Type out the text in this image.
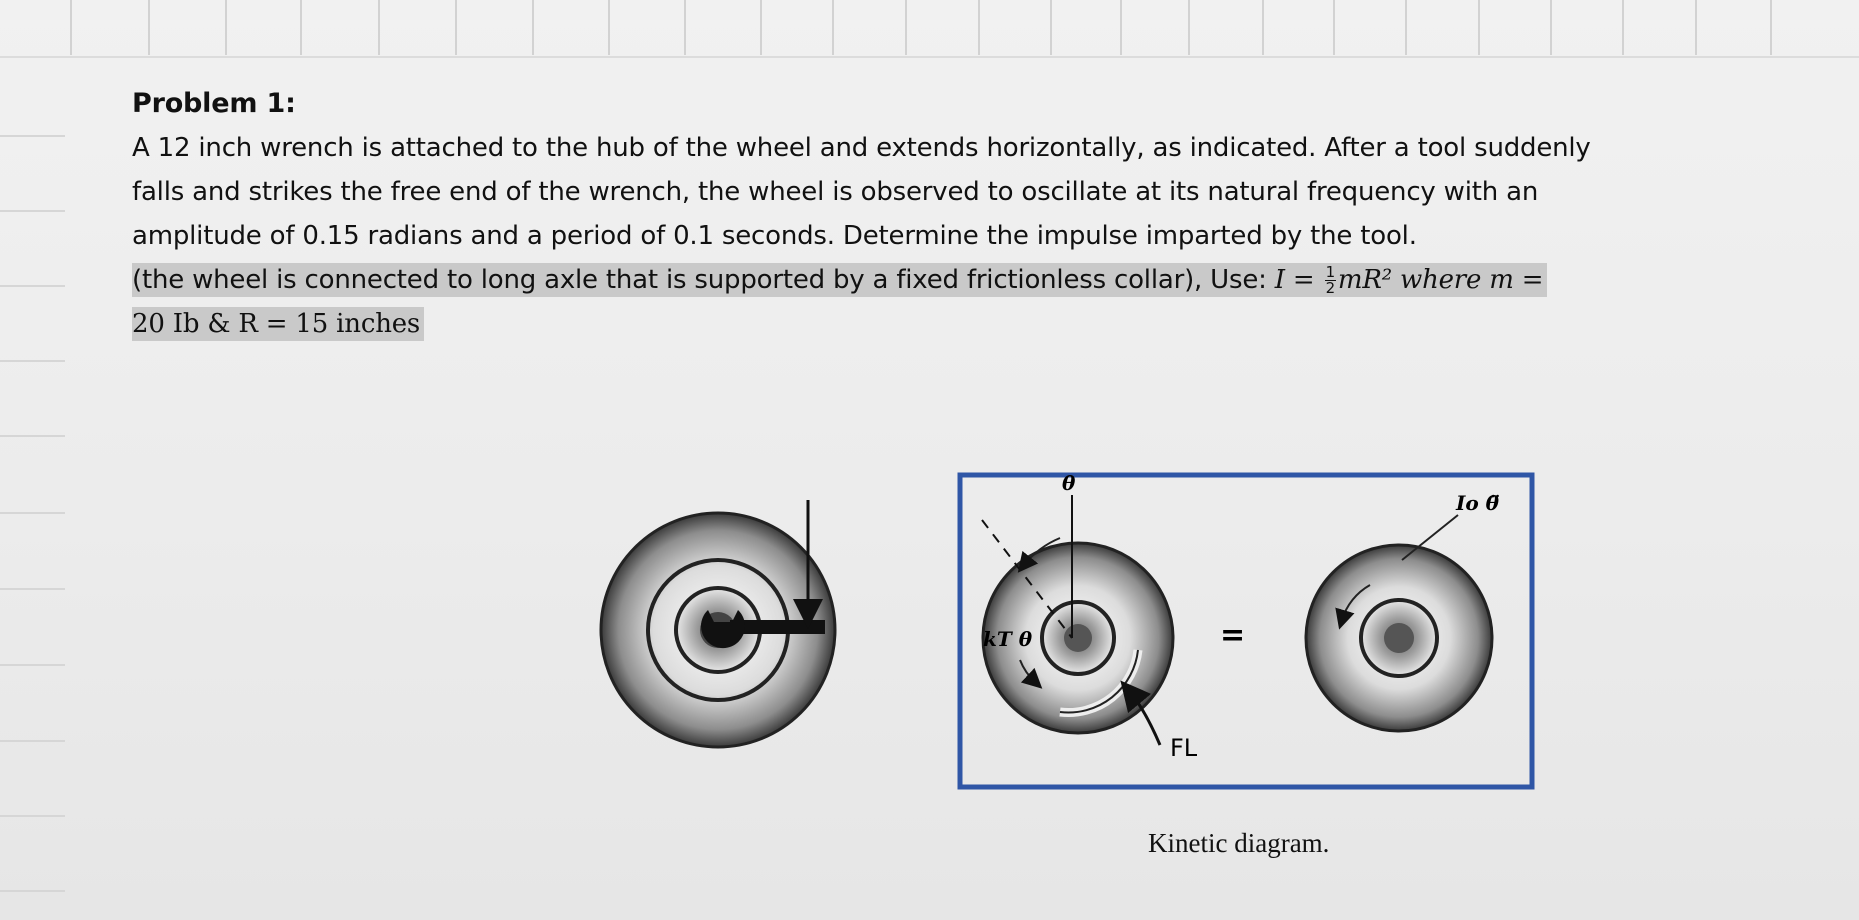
Problem 1:
A 12 inch wrench is attached to the hub of the wheel and extends horizontally, as indicated. After a tool suddenly
falls and strikes the free end of the wrench, the wheel is observed to oscillate at its natural frequency with an
amplitude of 0.15 radians and a period of 0.1 seconds. Determine the impulse imparted by the tool.
(the wheel is connected to long axle that is supported by a fixed frictionless collar), Use: $I = \frac{1}{2} mR^2$ where m =
20 Ib & R = 15 inches
θ
kT θ
FL
=
Io θ̈
Kinetic diagram.
